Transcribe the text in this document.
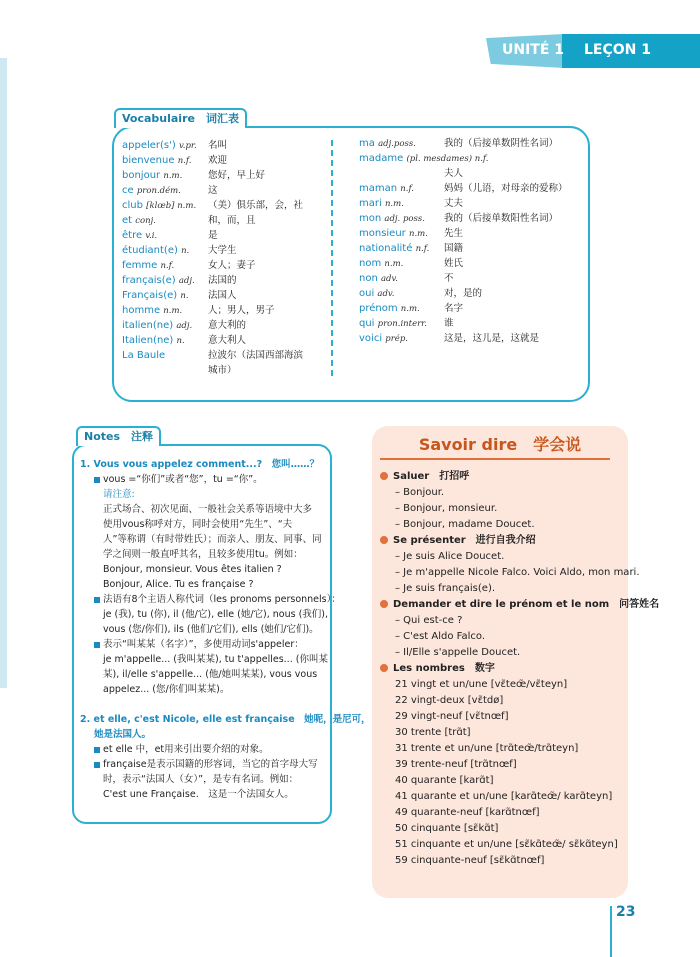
UNITÉ 1 LEÇON 1
Vocabulaire　词汇表
appeler(s') v.pr. 名叫
bienvenue n.f. 欢迎
bonjour n.m.	您好，早上好
ce pron.dém.	这
club [klœb] n.m. （美）俱乐部，会，社
et conj.	和，而，且
être v.i.	是
étudiant(e) n. 大学生
femme n.f.	女人；妻子
français(e) adj. 法国的
Français(e) n. 法国人
homme n.m.	人；男人，男子
italien(ne) adj. 意大利的
Italien(ne) n. 意大利人
La Baule	拉波尔（法国西部海滨
城市）
ma adj.poss.	我的（后接单数阴性名词）
madame (pl. mesdames) n.f.
夫人
maman n.f.	妈妈（儿语，对母亲的爱称）
mari n.m.	丈夫
mon adj. poss. 我的（后接单数阳性名词）
monsieur n.m. 先生
nationalité n.f. 国籍
nom n.m.	姓氏
non adv.	不
oui adv.	对，是的
prénom n.m.	名字
qui pron.interr. 谁
voici prép.	这是，这儿是，这就是
Notes　注释
1. Vous vous appelez comment...?　您叫……？
vous =“你们”或者“您”，tu =“你”。
请注意:
正式场合、初次见面、一般社会关系等语境中大多
使用vous称呼对方，同时会使用“先生”、“夫
人”等称谓（有时带姓氏）；而亲人、朋友、同事、同
学之间则一般直呼其名，且较多使用tu。例如：
Bonjour, monsieur. Vous êtes italien ?
Bonjour, Alice. Tu es française ?
法语有8个主语人称代词（les pronoms personnels）：
je (我), tu (你), il (他/它), elle (她/它), nous (我们),
vous (您/你们), ils (他们/它们), ells (她们/它们)。
表示“叫某某（名字）”，多使用动词s'appeler：
je m'appelle... (我叫某某), tu t'appelles... (你叫某
某), il/elle s'appelle... (他/她叫某某), vous vous
appelez... (您/你们叫某某)。
2. et elle, c'est Nicole, elle est française　她呢，是尼可，
她是法国人。
et elle 中，et用来引出要介绍的对象。
française是表示国籍的形容词，当它的首字母大写
时，表示“法国人（女）”，是专有名词。例如：
C'est une Française.　这是一个法国女人。
Savoir dire　学会说
Saluer　打招呼
– Bonjour.
– Bonjour, monsieur.
– Bonjour, madame Doucet.
Se présenter　进行自我介绍
– Je suis Alice Doucet.
– Je m'appelle Nicole Falco. Voici Aldo, mon mari.
– Je suis français(e).
Demander et dire le prénom et le nom　问答姓名
– Qui est-ce ?
– C'est Aldo Falco.
– Il/Elle s'appelle Doucet.
Les nombres　数字
21 vingt et un/une [vɛ̃teœ̃/vɛ̃teyn]
22 vingt-deux [vɛ̃tdø]
29 vingt-neuf [vɛ̃tnœf]
30 trente [trɑ̃t]
31 trente et un/une [trɑ̃teœ̃/trɑ̃teyn]
39 trente-neuf [trɑ̃tnœf]
40 quarante [karɑ̃t]
41 quarante et un/une [karɑ̃teœ̃/ karɑ̃teyn]
49 quarante-neuf [karɑ̃tnœf]
50 cinquante [sɛ̃kɑ̃t]
51 cinquante et un/une [sɛ̃kɑ̃teœ̃/ sɛ̃kɑ̃teyn]
59 cinquante-neuf [sɛ̃kɑ̃tnœf]
23
